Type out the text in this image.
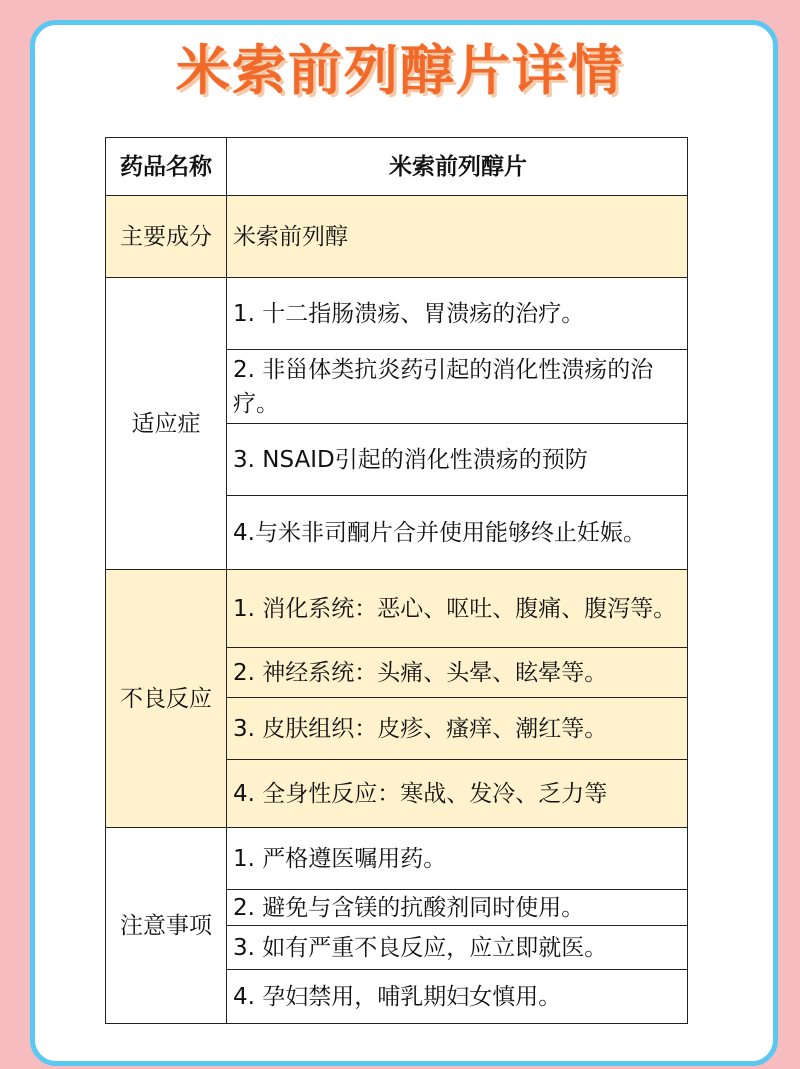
米索前列醇片详情
药品名称	米索前列醇片
主要成分	米索前列醇
适应症	1. 十二指肠溃疡、胃溃疡的治疗。
	2. 非甾体类抗炎药引起的消化性溃疡的治疗。
	3. NSAID引起的消化性溃疡的预防
	4.与米非司酮片合并使用能够终止妊娠。
不良反应	1. 消化系统：恶心、呕吐、腹痛、腹泻等。
	2. 神经系统：头痛、头晕、眩晕等。
	3. 皮肤组织：皮疹、瘙痒、潮红等。
	4. 全身性反应：寒战、发冷、乏力等
注意事项	1. 严格遵医嘱用药。
	2. 避免与含镁的抗酸剂同时使用。
	3. 如有严重不良反应，应立即就医。
	4. 孕妇禁用，哺乳期妇女慎用。
